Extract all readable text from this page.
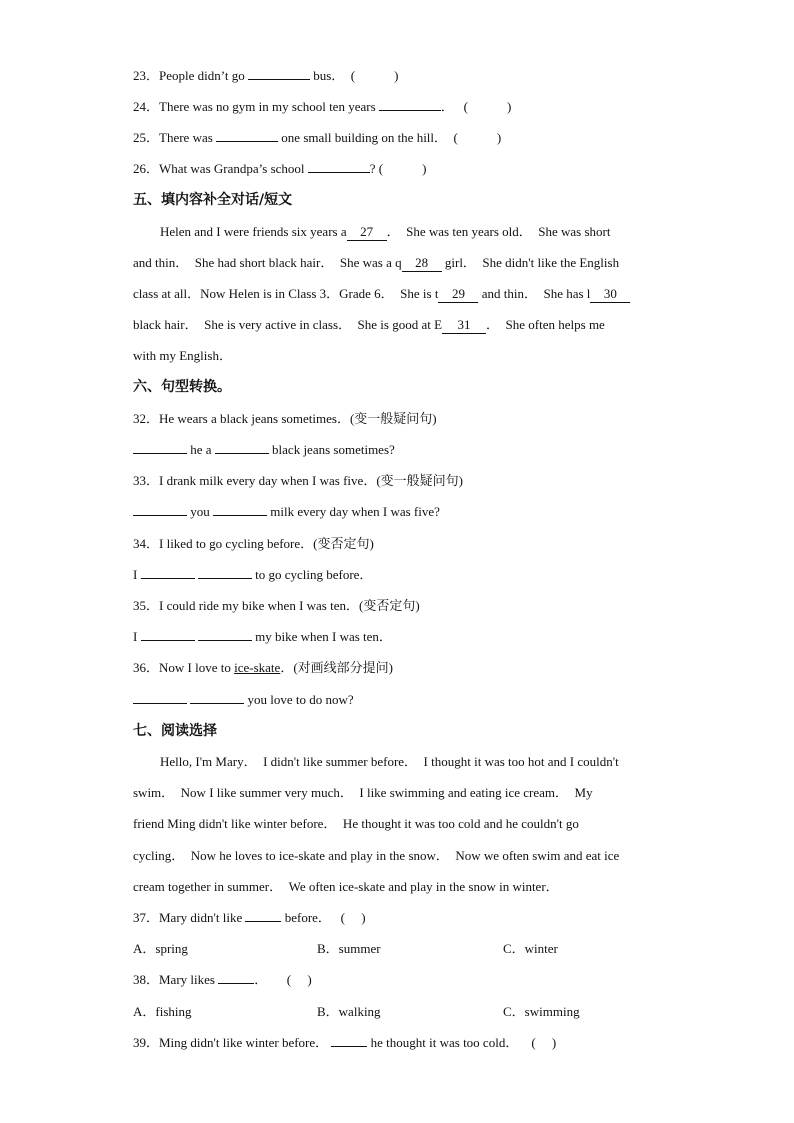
23．People didn’t go	bus． (　　　)
24．There was no gym in my school ten years	． (　　　)
25．There was	one small building on the hill． (　　　)
26．What was Grandpa’s school	? (　　　)
五、填内容补全对话/短文
Helen and I were friends six years a 27 ．　She was ten years old．　She was short
and thin．　She had short black hair．　She was a q 28 girl．　She didn't like the English
class at all．Now Helen is in Class 3．Grade 6．　She is t 29 and thin．　She has l 30
black hair．　She is very active in class．　She is good at E 31 ．　She often helps me
with my English．
六、句型转换。
32．He wears a black jeans sometimes．(变一般疑问句)
he a	black jeans sometimes?
33．I drank milk every day when I was five．(变一般疑问句)
you	milk every day when I was five?
34．I liked to go cycling before．(变否定句)
I	to go cycling before．
35．I could ride my bike when I was ten．(变否定句)
I	my bike when I was ten．
36．Now I love to ice-skate．(对画线部分提问)
you love to do now?
七、阅读选择
Hello, I'm Mary．　I didn't like summer before．　I thought it was too hot and I couldn't
swim．　Now I like summer very much．　I like swimming and eating ice cream．　My
friend Ming didn't like winter before．　He thought it was too cold and he couldn't go
cycling．　Now he loves to ice-skate and play in the snow．　Now we often swim and eat ice
cream together in summer．　We often ice-skate and play in the snow in winter．
37．Mary didn't like	before． (　 )
A．spring	B．summer	C．winter
38．Mary likes	． (　 )
A．fishing	B．walking	C．swimming
39．Ming didn't like winter before．	he thought it was too cold． (　 )
